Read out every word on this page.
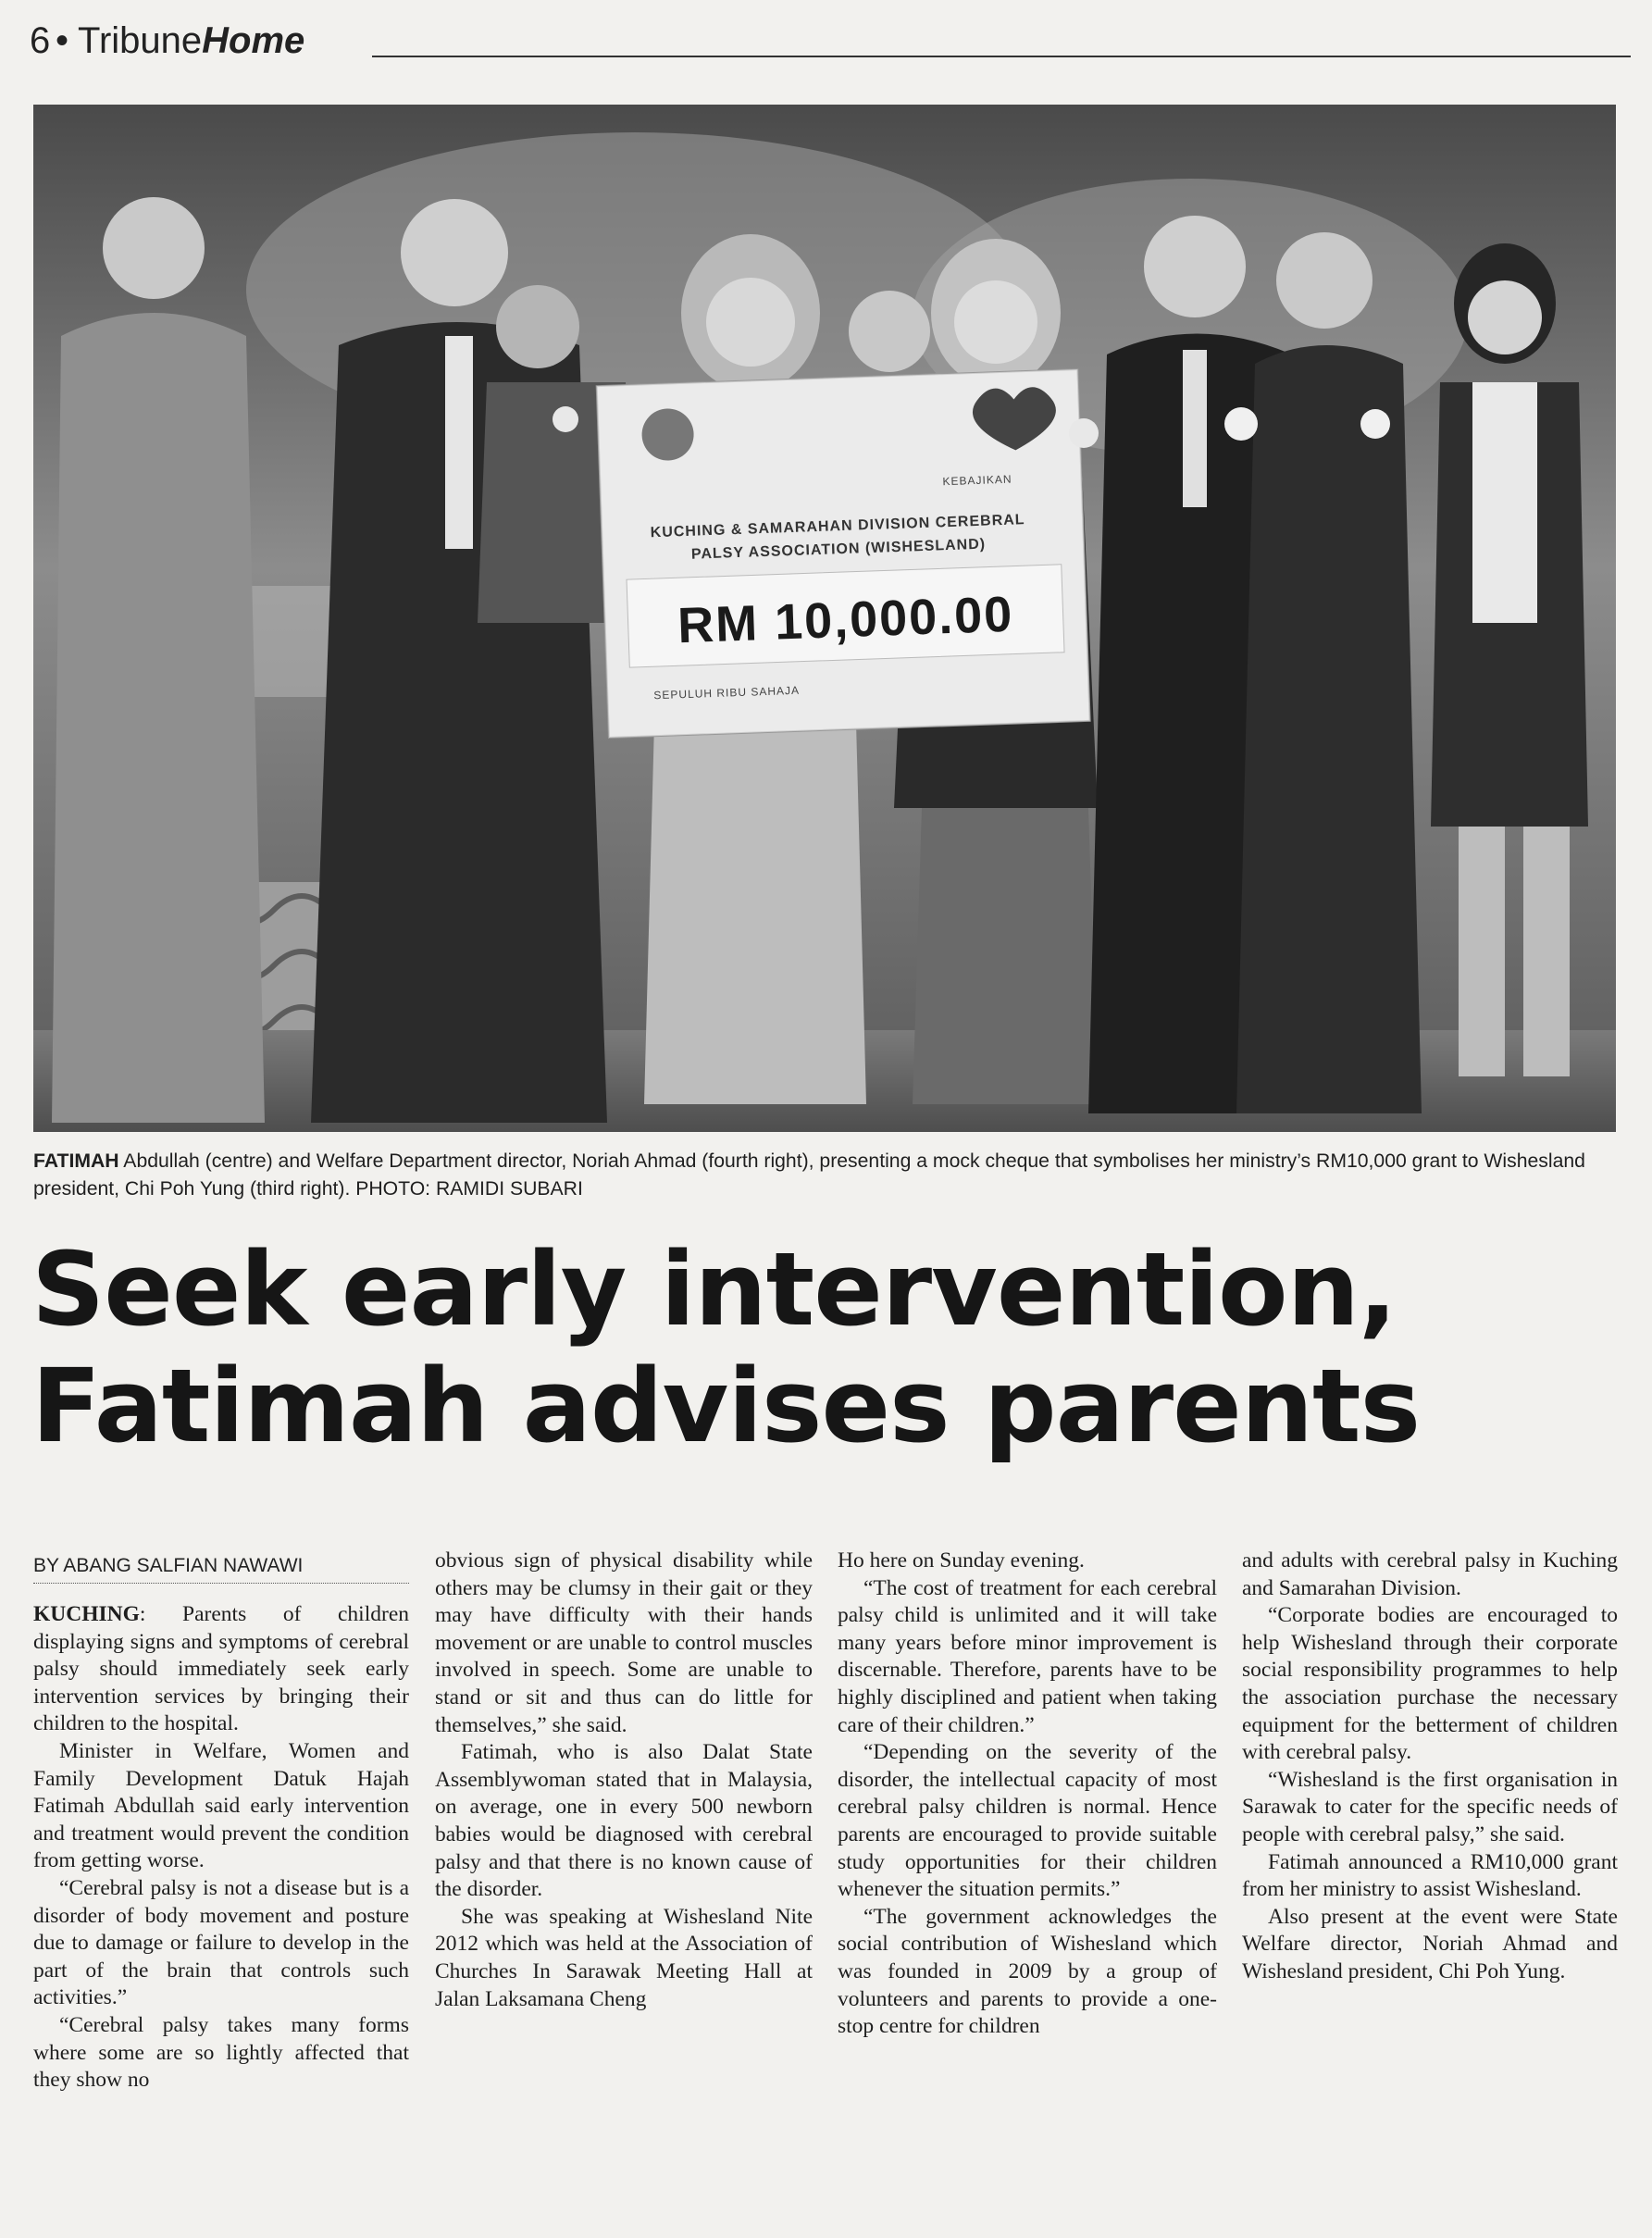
6 • TribuneHome
KUCHING & SAMARAHAN DIVISION CEREBRAL
PALSY ASSOCIATION (WISHESLAND)
RM 10,000.00
SEPULUH RIBU SAHAJA
KEBAJIKAN
FATIMAH Abdullah (centre) and Welfare Department director, Noriah Ahmad (fourth right), presenting a mock cheque that symbolises her ministry’s RM10,000 grant to Wishesland president, Chi Poh Yung (third right). PHOTO: RAMIDI SUBARI
Seek early intervention,
Fatimah advises parents
BY ABANG SALFIAN NAWAWI

KUCHING: Parents of children displaying signs and symptoms of cerebral palsy should immediately seek early intervention services by bringing their children to the hospital.

Minister in Welfare, Women and Family Development Datuk Hajah Fatimah Abdullah said early intervention and treatment would prevent the condition from getting worse.

“Cerebral palsy is not a disease but is a disorder of body movement and posture due to damage or failure to develop in the part of the brain that controls such activities.”

“Cerebral palsy takes many forms where some are so lightly affected that they show no

obvious sign of physical disability while others may be clumsy in their gait or they may have difficulty with their hands movement or are unable to control muscles involved in speech. Some are unable to stand or sit and thus can do little for themselves,” she said.

Fatimah, who is also Dalat State Assemblywoman stated that in Malaysia, on average, one in every 500 newborn babies would be diagnosed with cerebral palsy and that there is no known cause of the disorder.

She was speaking at Wishesland Nite 2012 which was held at the Association of Churches In Sarawak Meeting Hall at Jalan Laksamana Cheng

Ho here on Sunday evening.

“The cost of treatment for each cerebral palsy child is unlimited and it will take many years before minor improvement is discernable. Therefore, parents have to be highly disciplined and patient when taking care of their children.”

“Depending on the severity of the disorder, the intellectual capacity of most cerebral palsy children is normal. Hence parents are encouraged to provide suitable study opportunities for their children whenever the situation permits.”

“The government acknowledges the social contribution of Wishesland which was founded in 2009 by a group of volunteers and parents to provide a one-stop centre for children

and adults with cerebral palsy in Kuching and Samarahan Division.

“Corporate bodies are encouraged to help Wishesland through their corporate social responsibility programmes to help the association purchase the necessary equipment for the betterment of children with cerebral palsy.

“Wishesland is the first organisation in Sarawak to cater for the specific needs of people with cerebral palsy,” she said.

Fatimah announced a RM10,000 grant from her ministry to assist Wishesland.

Also present at the event were State Welfare director, Noriah Ahmad and Wishesland president, Chi Poh Yung.
